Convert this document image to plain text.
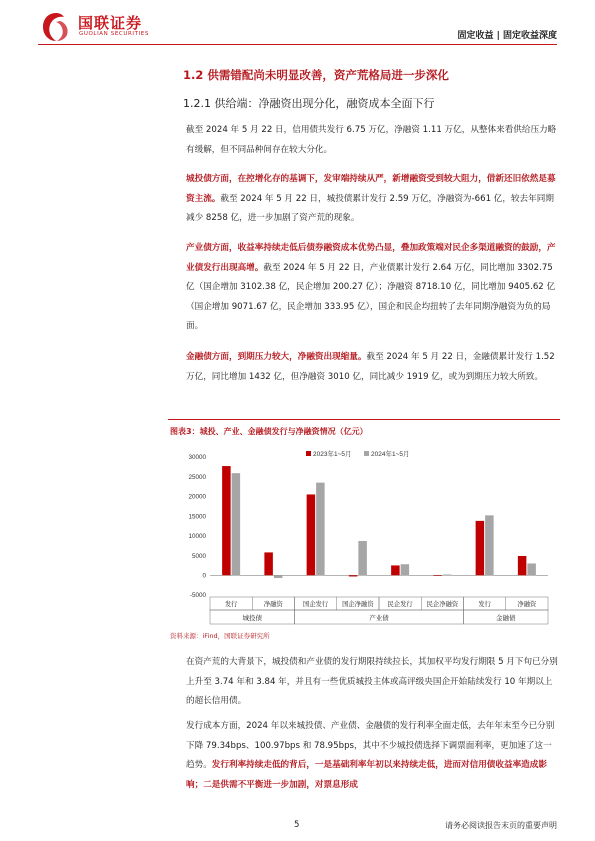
国联证券
GUOLIAN SECURITIES	固定收益 | 固定收益深度
1.2 供需错配尚未明显改善，资产荒格局进一步深化
1.2.1 供给端：净融资出现分化，融资成本全面下行
截至 2024 年 5 月 22 日，信用债共发行 6.75 万亿，净融资 1.11 万亿，从整体来看供给压力略有缓解，但不同品种间存在较大分化。
城投债方面，在控增化存的基调下，发审端持续从严，新增融资受到较大阻力，借新还旧依然是募资主流。截至 2024 年 5 月 22 日，城投债累计发行 2.59 万亿，净融资为-661 亿，较去年同期减少 8258 亿，进一步加剧了资产荒的现象。
产业债方面，收益率持续走低后债券融资成本优势凸显，叠加政策端对民企多渠道融资的鼓励，产业债发行出现高增。截至 2024 年 5 月 22 日，产业债累计发行 2.64 万亿，同比增加 3302.75 亿（国企增加 3102.38 亿，民企增加 200.27 亿）；净融资 8718.10 亿，同比增加 9405.62 亿（国企增加 9071.67 亿，民企增加 333.95 亿），国企和民企均扭转了去年同期净融资为负的局面。
金融债方面，到期压力较大，净融资出现缩量。截至 2024 年 5 月 22 日，金融债累计发行 1.52 万亿，同比增加 1432 亿，但净融资 3010 亿，同比减少 1919 亿，或为到期压力较大所致。
图表3：城投、产业、金融债发行与净融资情况（亿元）
2023年1~5月	2024年1~5月
30000
25000
20000
15000
10000
5000
0
-5000
发行	净融资	国企发行 国企净融资 民企发行 民企净融资	发行	净融资
城投债	产业债	金融债
资料来源：iFind，国联证券研究所
在资产荒的大背景下，城投债和产业债的发行期限持续拉长，其加权平均发行期限 5 月下旬已分别上升至 3.74 年和 3.84 年，并且有一些优质城投主体或高评级央国企开始陆续发行 10 年期以上的超长信用债。
发行成本方面，2024 年以来城投债、产业债、金融债的发行利率全面走低，去年年末至今已分别下降 79.34bps、100.97bps 和 78.95bps，其中不少城投债选择下调票面利率，更加速了这一趋势。发行利率持续走低的背后，一是基础利率年初以来持续走低，进而对信用债收益率造成影响；二是供需不平衡进一步加剧，对票息形成
5	请务必阅读报告末页的重要声明
